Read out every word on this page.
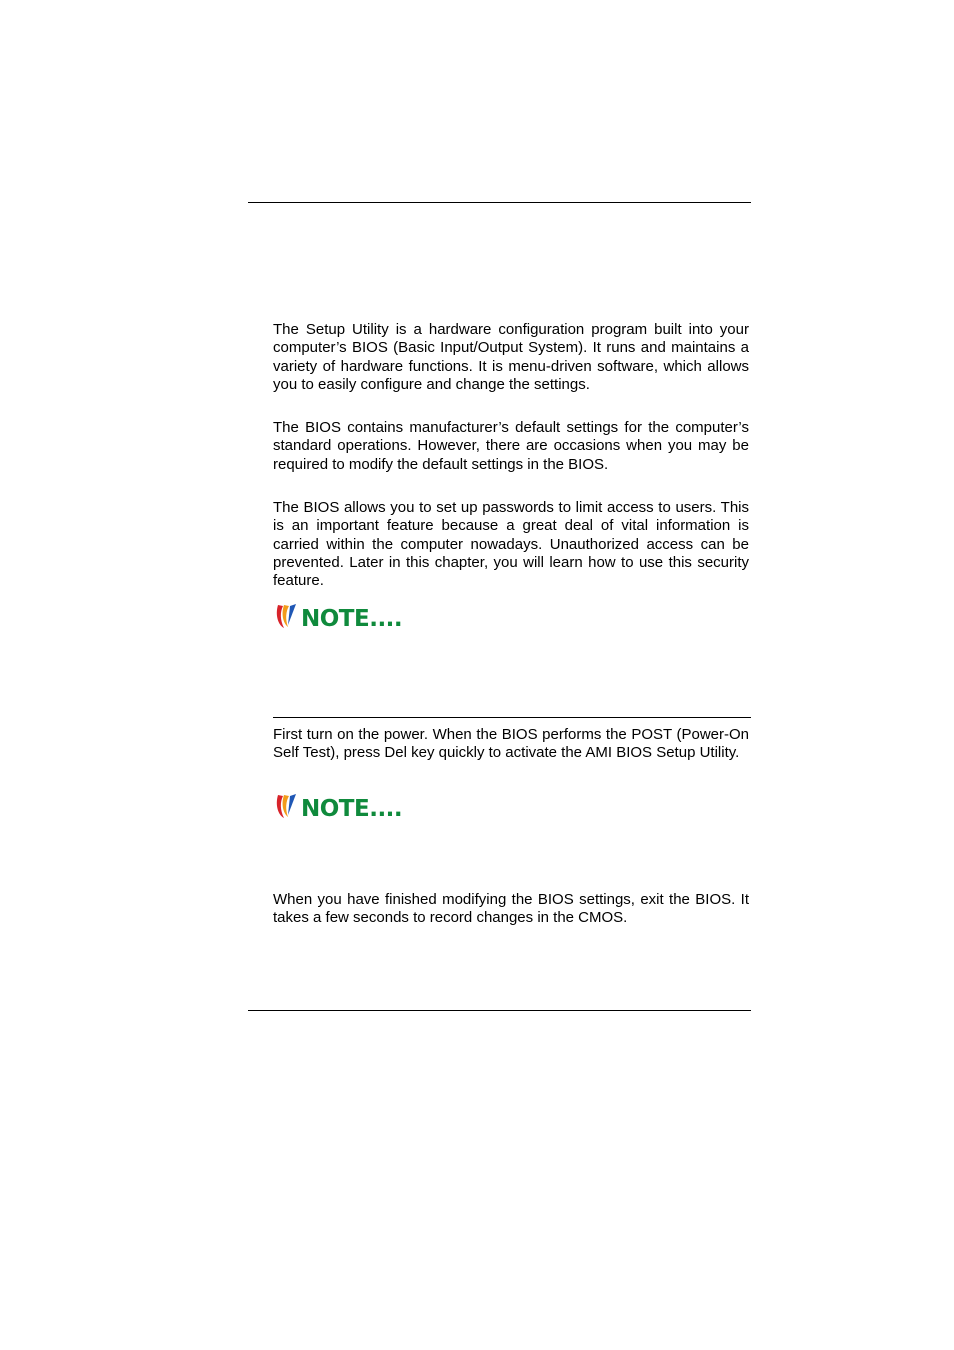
The Setup Utility is a hardware configuration program built into your computer’s BIOS (Basic Input/Output System). It runs and maintains a variety of hardware functions. It is menu-driven software, which allows you to easily configure and change the settings.

The BIOS contains manufacturer’s default settings for the computer’s standard operations. However, there are occasions when you may be required to modify the default settings in the BIOS.

The BIOS allows you to set up passwords to limit access to users. This is an important feature because a great deal of vital information is carried within the computer nowadays. Unauthorized access can be prevented. Later in this chapter, you will learn how to use this security feature.

NOTE....

First turn on the power. When the BIOS performs the POST (Power-On Self Test), press Del key quickly to activate the AMI BIOS Setup Utility.

NOTE....

When you have finished modifying the BIOS settings, exit the BIOS. It takes a few seconds to record changes in the CMOS.
